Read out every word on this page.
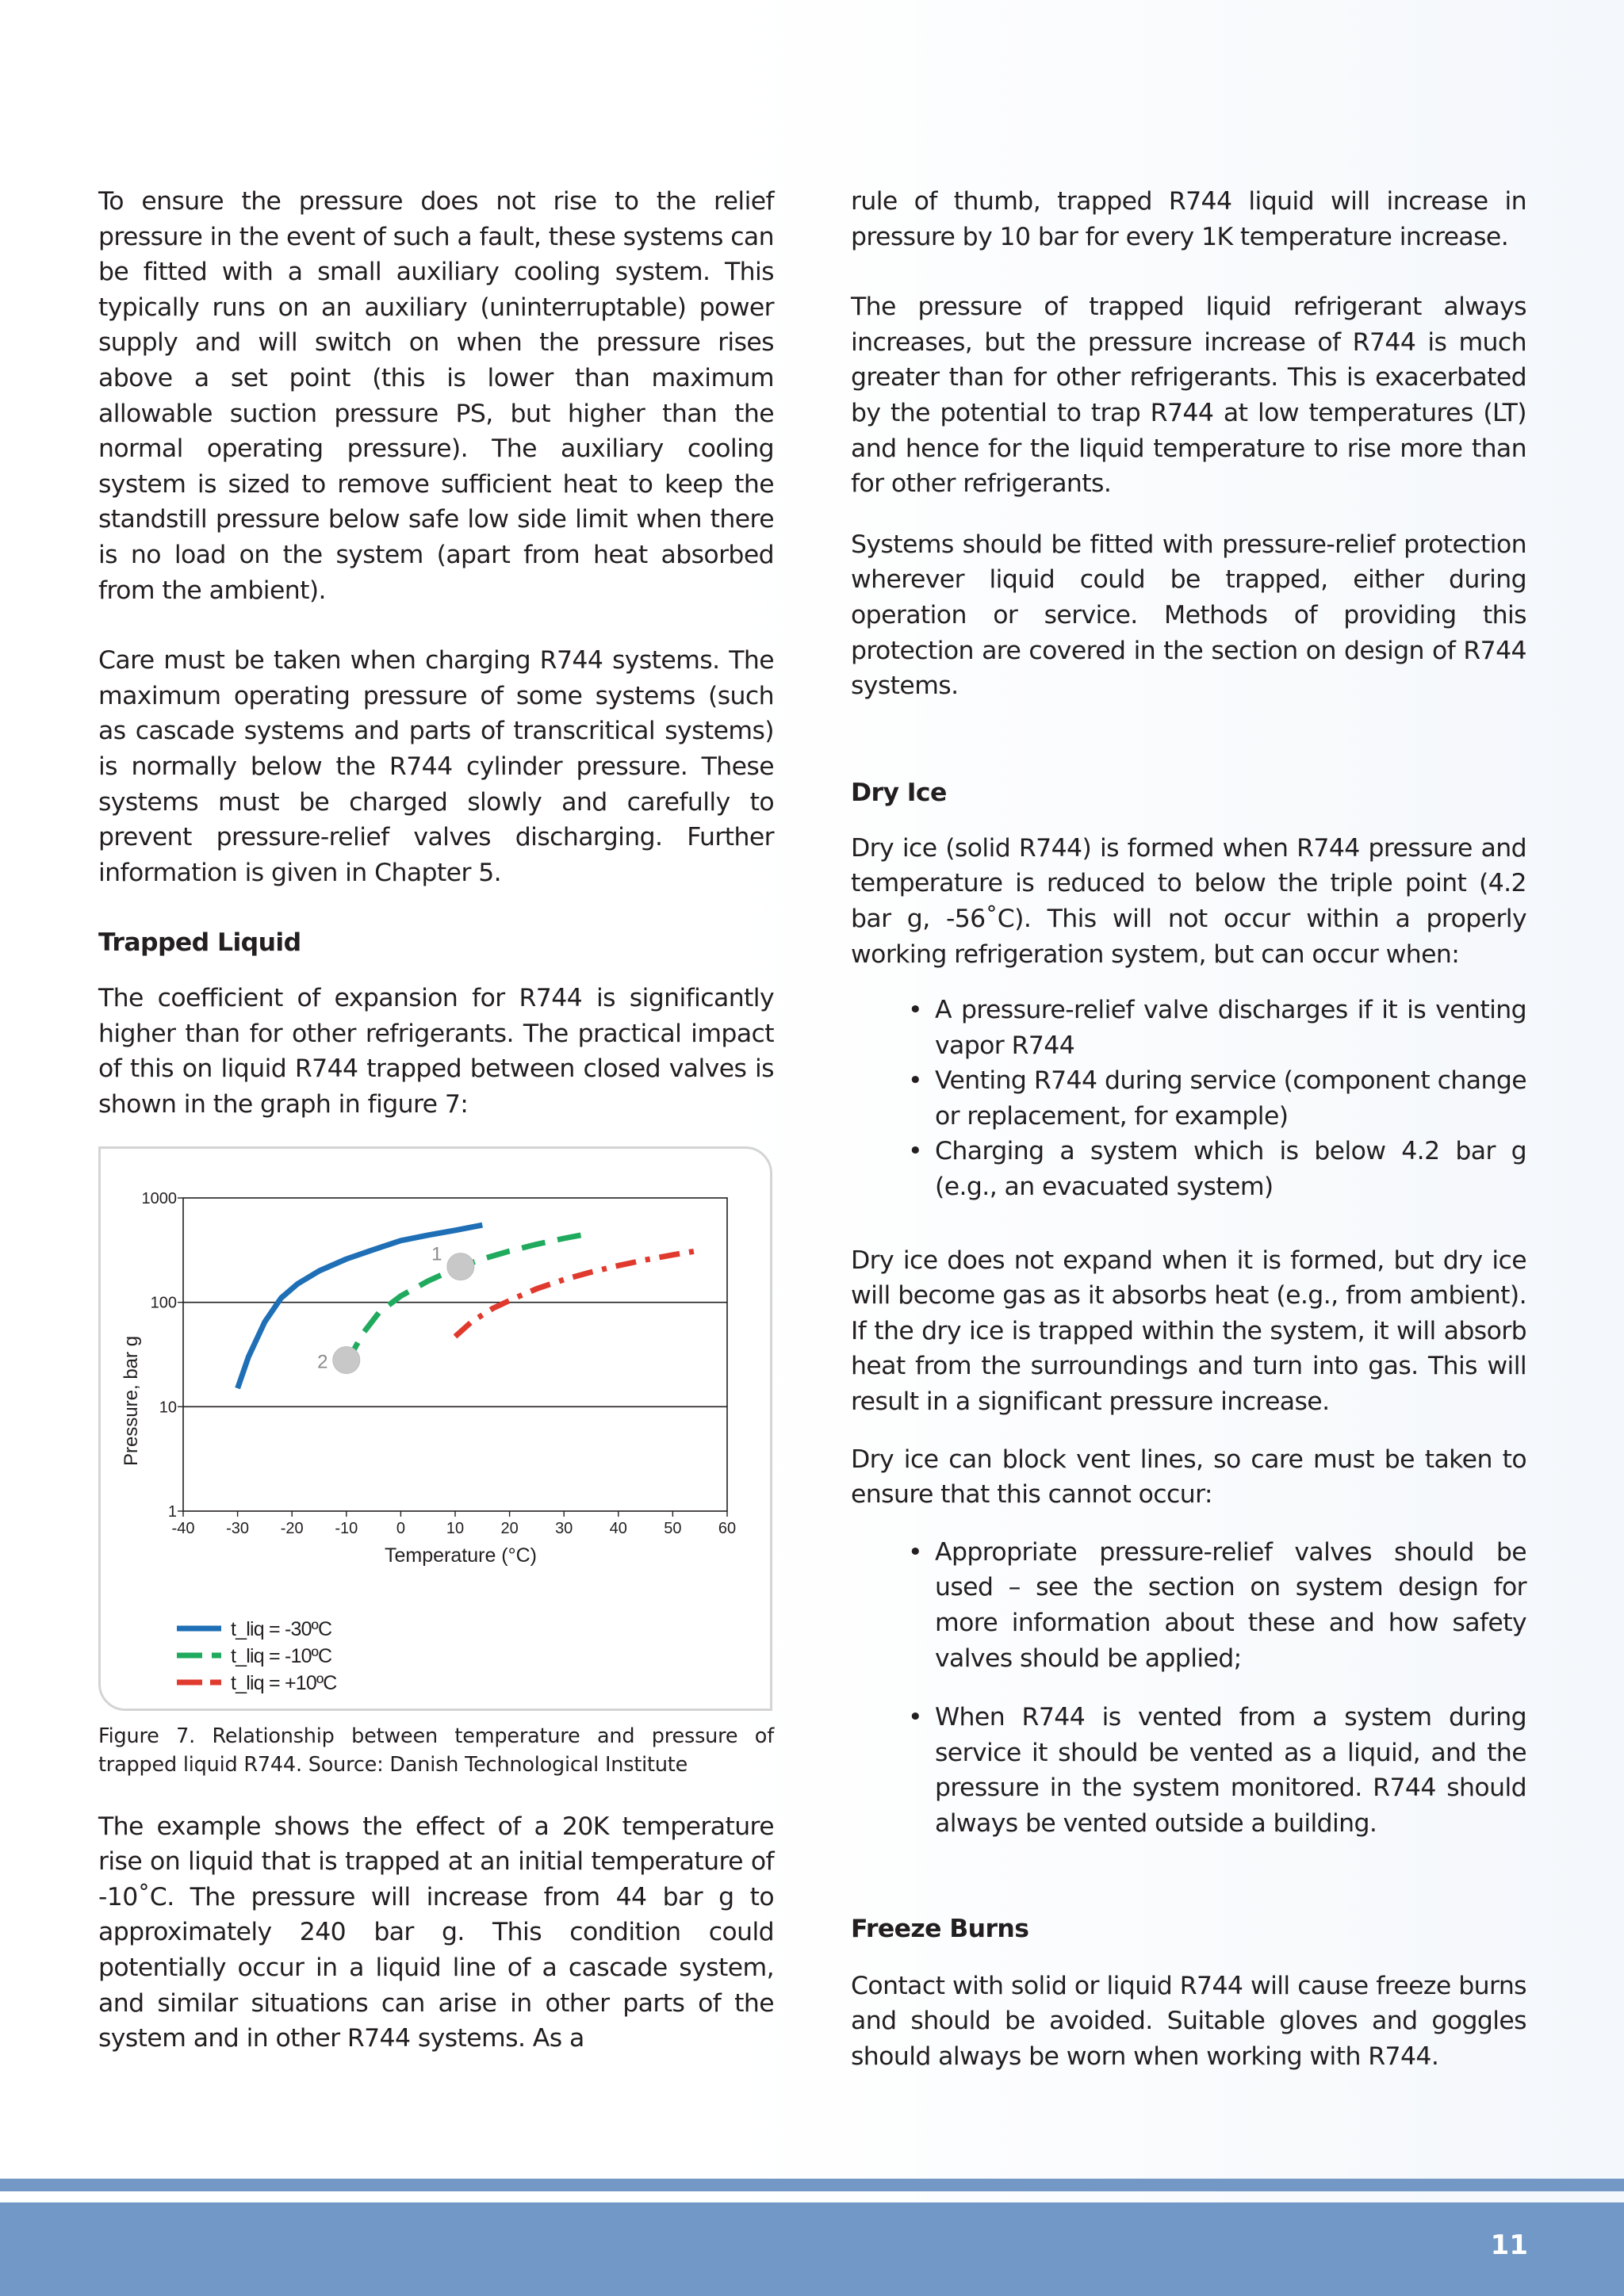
To ensure the pressure does not rise to the relief pressure in the event of such a fault, these systems can be fitted with a small auxiliary cooling system. This typically runs on an auxiliary (uninterruptable) power supply and will switch on when the pressure rises above a set point (this is lower than maximum allowable suction pressure PS, but higher than the normal operating pressure). The auxiliary cooling system is sized to remove sufficient heat to keep the standstill pressure below safe low side limit when there is no load on the system (apart from heat absorbed from the ambient).

Care must be taken when charging R744 systems. The maximum operating pressure of some systems (such as cascade systems and parts of transcritical systems) is normally below the R744 cylinder pressure. These systems must be charged slowly and carefully to prevent pressure-relief valves discharging. Further information is given in Chapter 5.

Trapped Liquid

The coefficient of expansion for R744 is significantly higher than for other refrigerants. The practical impact of this on liquid R744 trapped between closed valves is shown in the graph in figure 7:

1
2
-40 -30 -20 -10 0	10 20 30 40 50 60
1
10
100
1000
Temperature (°C)
Pressure, bar g
t_liq = -30ºC
t_liq = -10ºC
t_liq = +10ºC

Figure 7. Relationship between temperature and pressure of trapped liquid R744. Source: Danish Technological Institute

The example shows the effect of a 20K temperature rise on liquid that is trapped at an initial temperature of -10˚C. The pressure will increase from 44 bar g to approximately 240 bar g. This condition could potentially occur in a liquid line of a cascade system, and similar situations can arise in other parts of the system and in other R744 systems. As a

rule of thumb, trapped R744 liquid will increase in pressure by 10 bar for every 1K temperature increase.

The pressure of trapped liquid refrigerant always increases, but the pressure increase of R744 is much greater than for other refrigerants. This is exacerbated by the potential to trap R744 at low temperatures (LT) and hence for the liquid temperature to rise more than for other refrigerants.

Systems should be fitted with pressure-relief protection wherever liquid could be trapped, either during operation or service. Methods of providing this protection are covered in the section on design of R744 systems.

Dry Ice

Dry ice (solid R744) is formed when R744 pressure and temperature is reduced to below the triple point (4.2 bar g, -56˚C). This will not occur within a properly working refrigeration system, but can occur when:

• A pressure-relief valve discharges if it is venting vapor R744
• Venting R744 during service (component change or replacement, for example)
• Charging a system which is below 4.2 bar g (e.g., an evacuated system)

Dry ice does not expand when it is formed, but dry ice will become gas as it absorbs heat (e.g., from ambient). If the dry ice is trapped within the system, it will absorb heat from the surroundings and turn into gas. This will result in a significant pressure increase.

Dry ice can block vent lines, so care must be taken to ensure that this cannot occur:

• Appropriate pressure-relief valves should be used – see the section on system design for more information about these and how safety valves should be applied;
• When R744 is vented from a system during service it should be vented as a liquid, and the pressure in the system monitored. R744 should always be vented outside a building.
Freeze Burns

Contact with solid or liquid R744 will cause freeze burns and should be avoided. Suitable gloves and goggles should always be worn when working with R744.

11
